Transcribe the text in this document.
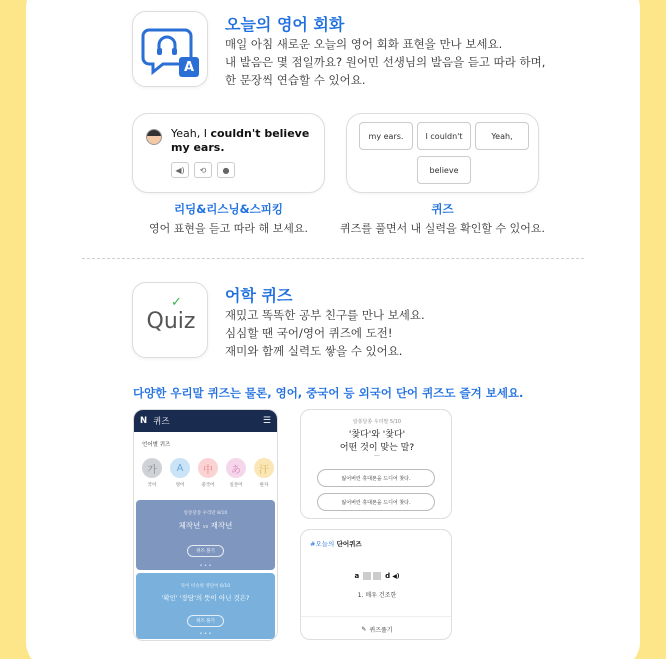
A
오늘의 영어 회화
매일 아침 새로운 오늘의 영어 회화 표현을 만나 보세요.
내 발음은 몇 점일까요? 원어민 선생님의 발음을 듣고 따라 하며,
한 문장씩 연습할 수 있어요.
Yeah, I couldn't believe my ears.
◀) ⟲ ●
my ears.	I couldn't	Yeah,
believe
리딩&리스닝&스피킹
영어 표현을 듣고 따라 해 보세요.
퀴즈
퀴즈를 풀면서 내 실력을 확인할 수 있어요.
Quiz
✓	어학 퀴즈
재밌고 똑똑한 공부 친구를 만나 보세요.
심심할 땐 국어/영어 퀴즈에 도전!
재미와 함께 실력도 쌓을 수 있어요.
다양한 우리말 퀴즈는 물론, 영어, 중국어 등 외국어 단어 퀴즈도 즐겨 보세요.
N 퀴즈	☰
언어별 퀴즈
가
국어
A
영어
中
중국어
あ
일본어
汗
한자
알쏭달쏭 우리말 8/10
체작년 vs 재작년
퀴즈 풀기
• • •
뜻이 비슷한 영단어 6/10
'확인' '장담'의 뜻이 아닌 것은?
퀴즈 풀기
• • •
알쏭달쏭 우리말 5/10
'찾다'와 '찾다'
어떤 것이 맞는 말?
—
잃어버린 휴대폰을 드디어 찾다.
잃어버린 휴대폰을 드디어 찾다.
#오늘의 단어퀴즈
a	d ◀)
1. 매우 건조한
✎ 퀴즈풀기
